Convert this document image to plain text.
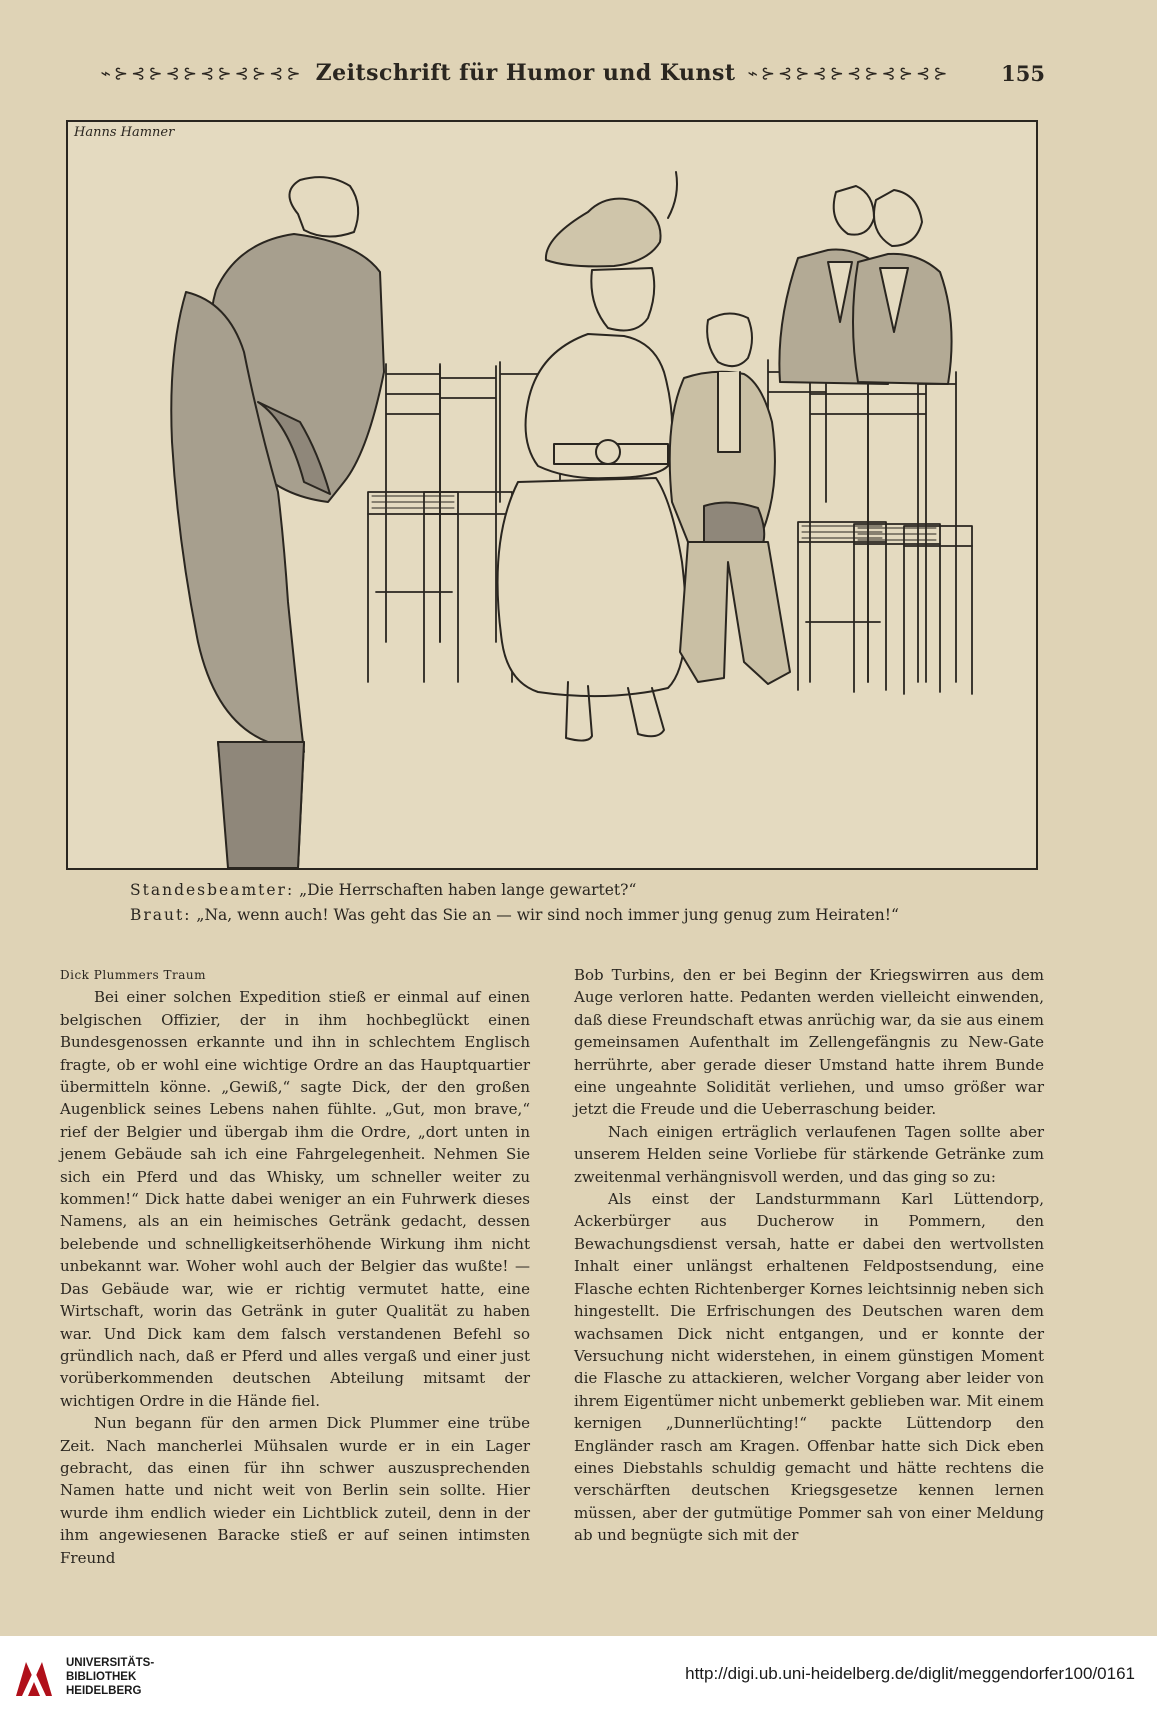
⌁⊱⊰⊱⊰⊱⊰⊱⊰⊱⊰⊱ Zeitschrift für Humor und Kunst ⌁⊱⊰⊱⊰⊱⊰⊱⊰⊱⊰⊱	155
Hanns Hamner
Standesbeamter: „Die Herrschaften haben lange gewartet?“
Braut: „Na, wenn auch! Was geht das Sie an — wir sind noch immer jung genug zum Heiraten!“

Dick Plummers Traum

Bei einer solchen Expedition stieß er einmal auf einen belgischen Offizier, der in ihm hochbeglückt einen Bundesgenossen erkannte und ihn in schlechtem Englisch fragte, ob er wohl eine wichtige Ordre an das Hauptquartier übermitteln könne. „Gewiß,“ sagte Dick, der den großen Augenblick seines Lebens nahen fühlte. „Gut, mon brave,“ rief der Belgier und übergab ihm die Ordre, „dort unten in jenem Gebäude sah ich eine Fahrgelegenheit. Nehmen Sie sich ein Pferd und das Whisky, um schneller weiter zu kommen!“ Dick hatte dabei weniger an ein Fuhrwerk dieses Namens, als an ein heimisches Getränk gedacht, dessen belebende und schnelligkeitserhöhende Wirkung ihm nicht unbekannt war. Woher wohl auch der Belgier das wußte! — Das Gebäude war, wie er richtig vermutet hatte, eine Wirtschaft, worin das Getränk in guter Qualität zu haben war. Und Dick kam dem falsch verstandenen Befehl so gründlich nach, daß er Pferd und alles vergaß und einer just vorüberkommenden deutschen Abteilung mitsamt der wichtigen Ordre in die Hände fiel.

Nun begann für den armen Dick Plummer eine trübe Zeit. Nach mancherlei Mühsalen wurde er in ein Lager gebracht, das einen für ihn schwer auszusprechenden Namen hatte und nicht weit von Berlin sein sollte. Hier wurde ihm endlich wieder ein Lichtblick zuteil, denn in der ihm angewiesenen Baracke stieß er auf seinen intimsten Freund

Bob Turbins, den er bei Beginn der Kriegswirren aus dem Auge verloren hatte. Pedanten werden vielleicht einwenden, daß diese Freundschaft etwas anrüchig war, da sie aus einem gemeinsamen Aufenthalt im Zellengefängnis zu New-Gate herrührte, aber gerade dieser Umstand hatte ihrem Bunde eine ungeahnte Solidität verliehen, und umso größer war jetzt die Freude und die Ueberraschung beider.

Nach einigen erträglich verlaufenen Tagen sollte aber unserem Helden seine Vorliebe für stärkende Getränke zum zweitenmal verhängnisvoll werden, und das ging so zu:

Als einst der Landsturmmann Karl Lüttendorp, Ackerbürger aus Ducherow in Pommern, den Bewachungsdienst versah, hatte er dabei den wertvollsten Inhalt einer unlängst erhaltenen Feldpostsendung, eine Flasche echten Richtenberger Kornes leichtsinnig neben sich hingestellt. Die Erfrischungen des Deutschen waren dem wachsamen Dick nicht entgangen, und er konnte der Versuchung nicht widerstehen, in einem günstigen Moment die Flasche zu attackieren, welcher Vorgang aber leider von ihrem Eigentümer nicht unbemerkt geblieben war. Mit einem kernigen „Dunnerlüchting!“ packte Lüttendorp den Engländer rasch am Kragen. Offenbar hatte sich Dick eben eines Diebstahls schuldig gemacht und hätte rechtens die verschärften deutschen Kriegsgesetze kennen lernen müssen, aber der gutmütige Pommer sah von einer Meldung ab und begnügte sich mit der

UNIVERSITÄTS-
BIBLIOTHEK
HEIDELBERG
http://digi.ub.uni-heidelberg.de/diglit/meggendorfer100/0161
